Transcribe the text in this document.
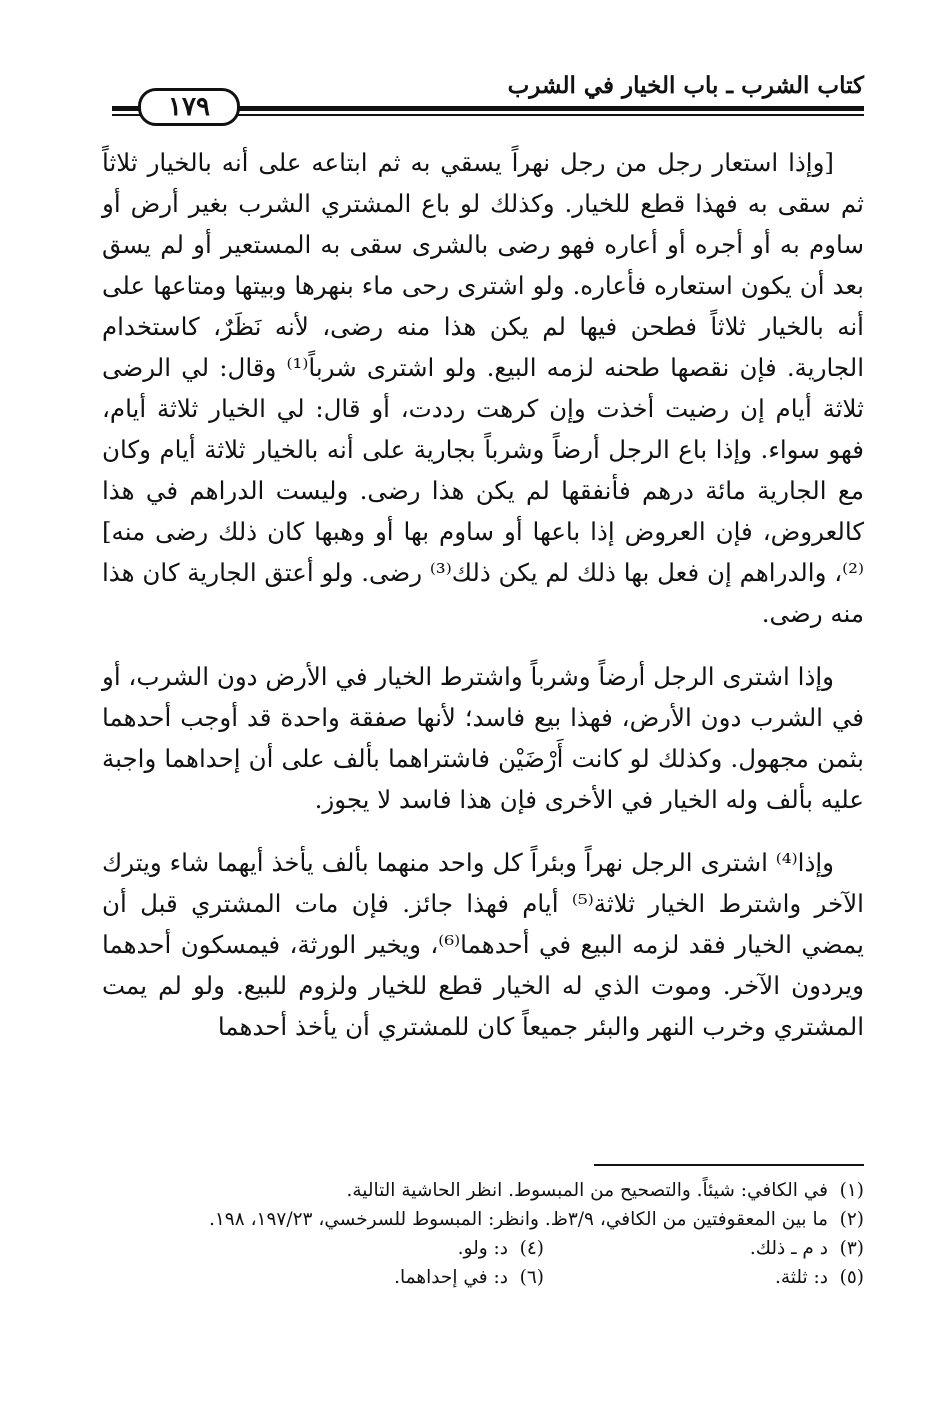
كتاب الشرب ـ باب الخيار في الشرب
١٧٩

[وإذا استعار رجل من رجل نهراً يسقي به ثم ابتاعه على أنه بالخيار ثلاثاً ثم سقى به فهذا قطع للخيار. وكذلك لو باع المشتري الشرب بغير أرض أو ساوم به أو أجره أو أعاره فهو رضى بالشرى سقى به المستعير أو لم يسق بعد أن يكون استعاره فأعاره. ولو اشترى رحى ماء بنهرها وبيتها ومتاعها على أنه بالخيار ثلاثاً فطحن فيها لم يكن هذا منه رضى، لأنه نَظَرٌ، كاستخدام الجارية. فإن نقصها طحنه لزمه البيع. ولو اشترى شرباً⁽¹⁾ وقال: لي الرضى ثلاثة أيام إن رضيت أخذت وإن كرهت رددت، أو قال: لي الخيار ثلاثة أيام، فهو سواء. وإذا باع الرجل أرضاً وشرباً بجارية على أنه بالخيار ثلاثة أيام وكان مع الجارية مائة درهم فأنفقها لم يكن هذا رضى. وليست الدراهم في هذا كالعروض، فإن العروض إذا باعها أو ساوم بها أو وهبها كان ذلك رضى منه]⁽²⁾، والدراهم إن فعل بها ذلك لم يكن ذلك⁽³⁾ رضى. ولو أعتق الجارية كان هذا منه رضى.

وإذا اشترى الرجل أرضاً وشرباً واشترط الخيار في الأرض دون الشرب، أو في الشرب دون الأرض، فهذا بيع فاسد؛ لأنها صفقة واحدة قد أوجب أحدهما بثمن مجهول. وكذلك لو كانت أَرْضَيْن فاشتراهما بألف على أن إحداهما واجبة عليه بألف وله الخيار في الأخرى فإن هذا فاسد لا يجوز.

وإذا⁽⁴⁾ اشترى الرجل نهراً وبئراً كل واحد منهما بألف يأخذ أيهما شاء ويترك الآخر واشترط الخيار ثلاثة⁽⁵⁾ أيام فهذا جائز. فإن مات المشتري قبل أن يمضي الخيار فقد لزمه البيع في أحدهما⁽⁶⁾، ويخير الورثة، فيمسكون أحدهما ويردون الآخر. وموت الذي له الخيار قطع للخيار ولزوم للبيع. ولو لم يمت المشتري وخرب النهر والبئر جميعاً كان للمشتري أن يأخذ أحدهما

(١)في الكافي: شيئاً. والتصحيح من المبسوط. انظر الحاشية التالية.
(٢)ما بين المعقوفتين من الكافي، ٣/٩ظ. وانظر: المبسوط للسرخسي، ١٩٧/٢٣، ١٩٨.
(٣)د م ـ ذلك.
(٤)د: ولو.
(٥)د: ثلثة.
(٦)د: في إحداهما.
